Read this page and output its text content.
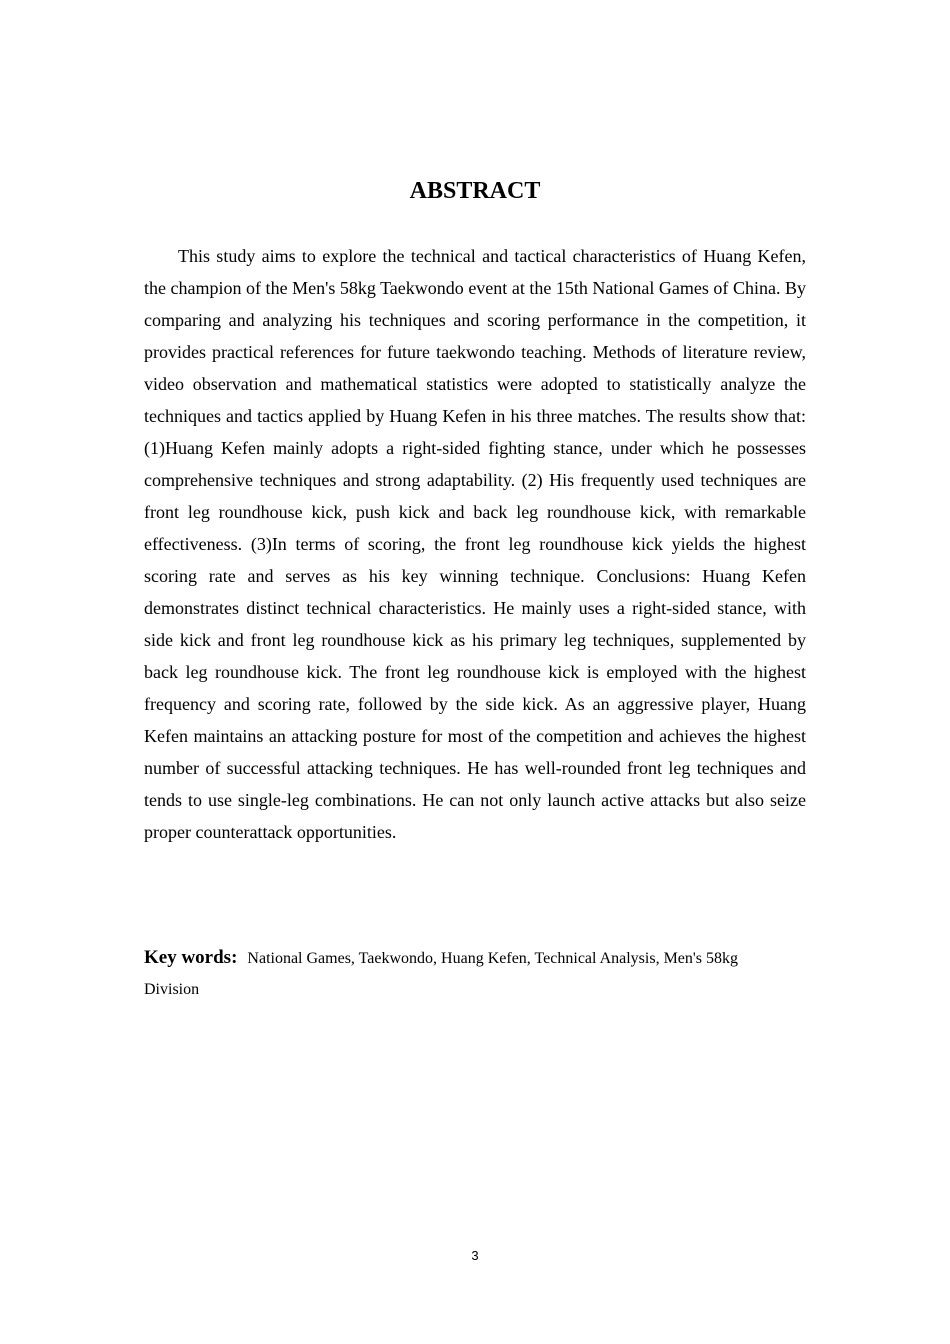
ABSTRACT

This study aims to explore the technical and tactical characteristics of Huang Kefen, the champion of the Men's 58kg Taekwondo event at the 15th National Games of China. By comparing and analyzing his techniques and scoring performance in the competition, it provides practical references for future taekwondo teaching. Methods of literature review, video observation and mathematical statistics were adopted to statistically analyze the techniques and tactics applied by Huang Kefen in his three matches. The results show that: (1)Huang Kefen mainly adopts a right-sided fighting stance, under which he possesses comprehensive techniques and strong adaptability. (2) His frequently used techniques are front leg roundhouse kick, push kick and back leg roundhouse kick, with remarkable effectiveness. (3)In terms of scoring, the front leg roundhouse kick yields the highest scoring rate and serves as his key winning technique. Conclusions: Huang Kefen demonstrates distinct technical characteristics. He mainly uses a right-sided stance, with side kick and front leg roundhouse kick as his primary leg techniques, supplemented by back leg roundhouse kick. The front leg roundhouse kick is employed with the highest frequency and scoring rate, followed by the side kick. As an aggressive player, Huang Kefen maintains an attacking posture for most of the competition and achieves the highest number of successful attacking techniques. He has well-rounded front leg techniques and tends to use single-leg combinations. He can not only launch active attacks but also seize proper counterattack opportunities.

Key words: National Games, Taekwondo, Huang Kefen, Technical Analysis, Men's 58kg Division

3
